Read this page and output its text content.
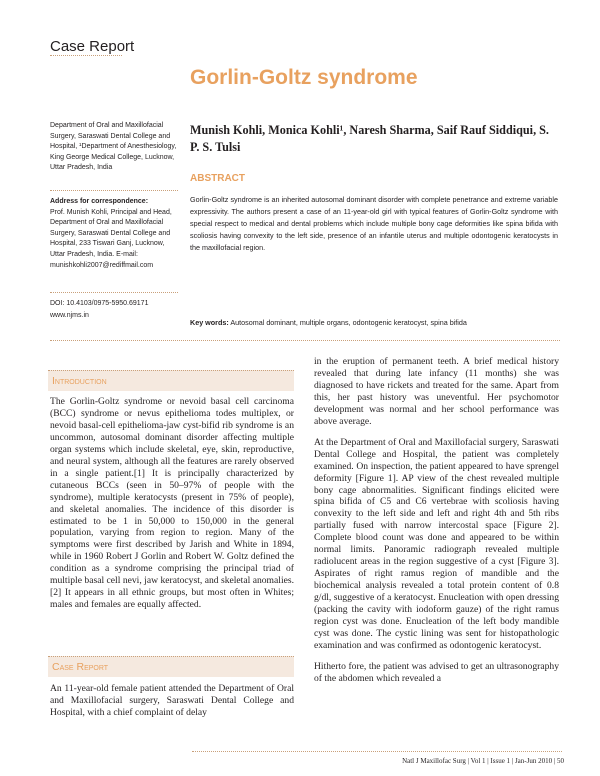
Case Report
Gorlin-Goltz syndrome
Department of Oral and Maxillofacial Surgery, Saraswati Dental College and Hospital, ¹Department of Anesthesiology, King George Medical College, Lucknow, Uttar Pradesh, India
Address for correspondence:
Prof. Munish Kohli, Principal and Head, Department of Oral and Maxillofacial Surgery, Saraswati Dental College and Hospital, 233 Tiswari Ganj, Lucknow, Uttar Pradesh, India. E-mail: munishkohli2007@rediffmail.com
DOI: 10.4103/0975-5950.69171
www.njms.in
Munish Kohli, Monica Kohli¹, Naresh Sharma, Saif Rauf Siddiqui, S. P. S. Tulsi
ABSTRACT
Gorlin-Goltz syndrome is an inherited autosomal dominant disorder with complete penetrance and extreme variable expressivity. The authors present a case of an 11-year-old girl with typical features of Gorlin-Goltz syndrome with special respect to medical and dental problems which include multiple bony cage deformities like spina bifida with scoliosis having convexity to the left side, presence of an infantile uterus and multiple odontogenic keratocysts in the maxillofacial region.
Key words: Autosomal dominant, multiple organs, odontogenic keratocyst, spina bifida
Introduction

The Gorlin-Goltz syndrome or nevoid basal cell carcinoma (BCC) syndrome or nevus epithelioma todes multiplex, or nevoid basal-cell epithelioma-jaw cyst-bifid rib syndrome is an uncommon, autosomal dominant disorder affecting multiple organ systems which include skeletal, eye, skin, reproductive, and neural system, although all the features are rarely observed in a single patient.[1] It is principally characterized by cutaneous BCCs (seen in 50–97% of people with the syndrome), multiple keratocysts (present in 75% of people), and skeletal anomalies. The incidence of this disorder is estimated to be 1 in 50,000 to 150,000 in the general population, varying from region to region. Many of the symptoms were first described by Jarish and White in 1894, while in 1960 Robert J Gorlin and Robert W. Goltz defined the condition as a syndrome comprising the principal triad of multiple basal cell nevi, jaw keratocyst, and skeletal anomalies.[2] It appears in all ethnic groups, but most often in Whites; males and females are equally affected.

Case Report

An 11-year-old female patient attended the Department of Oral and Maxillofacial surgery, Saraswati Dental College and Hospital, with a chief complaint of delay

in the eruption of permanent teeth. A brief medical history revealed that during late infancy (11 months) she was diagnosed to have rickets and treated for the same. Apart from this, her past history was uneventful. Her psychomotor development was normal and her school performance was above average.

At the Department of Oral and Maxillofacial surgery, Saraswati Dental College and Hospital, the patient was completely examined. On inspection, the patient appeared to have sprengel deformity [Figure 1]. AP view of the chest revealed multiple bony cage abnormalities. Significant findings elicited were spina bifida of C5 and C6 vertebrae with scoliosis having convexity to the left side and left and right 4th and 5th ribs partially fused with narrow intercostal space [Figure 2]. Complete blood count was done and appeared to be within normal limits. Panoramic radiograph revealed multiple radiolucent areas in the region suggestive of a cyst [Figure 3]. Aspirates of right ramus region of mandible and the biochemical analysis revealed a total protein content of 0.8 g/dl, suggestive of a keratocyst. Enucleation with open dressing (packing the cavity with iodoform gauze) of the right ramus region cyst was done. Enucleation of the left body mandible cyst was done. The cystic lining was sent for histopathologic examination and was confirmed as odontogenic keratocyst.

Hitherto fore, the patient was advised to get an ultrasonography of the abdomen which revealed a

Natl J Maxillofac Surg | Vol 1 | Issue 1 | Jan-Jun 2010 | 50
